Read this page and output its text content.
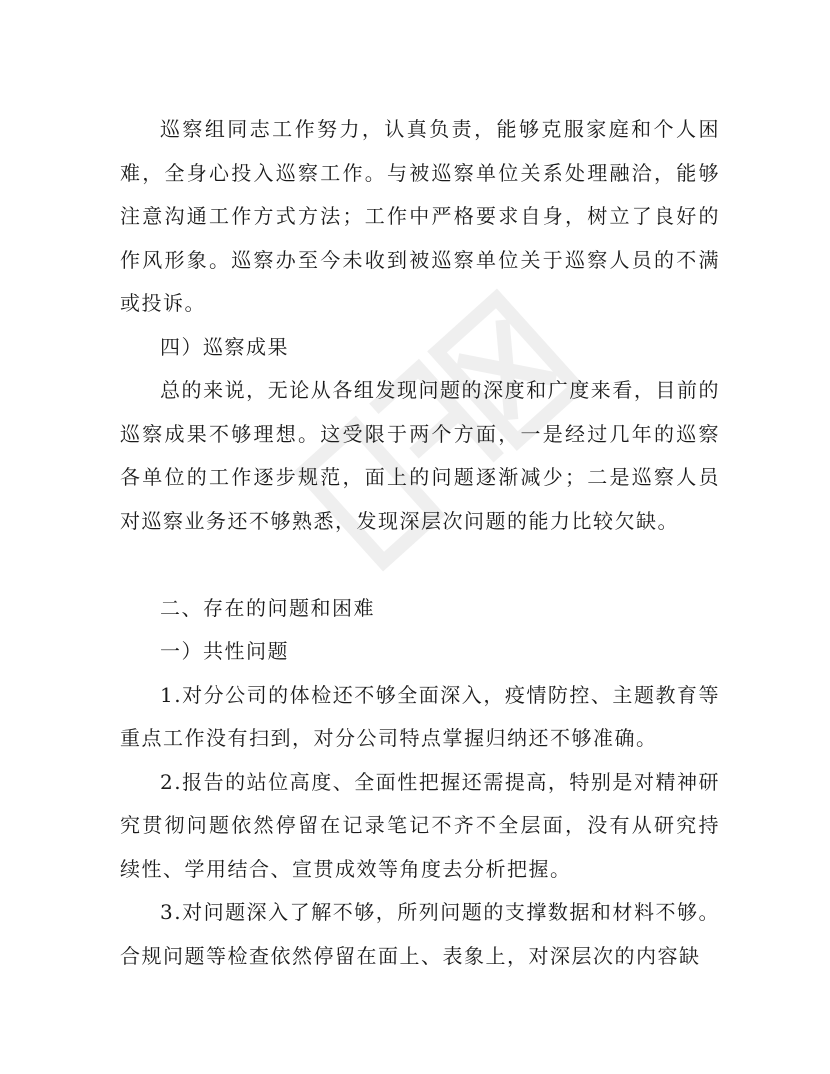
巡察组同志工作努力，认真负责，能够克服家庭和个人困难，全身心投入巡察工作。与被巡察单位关系处理融洽，能够注意沟通工作方式方法；工作中严格要求自身，树立了良好的作风形象。巡察办至今未收到被巡察单位关于巡察人员的不满或投诉。

四）巡察成果

总的来说，无论从各组发现问题的深度和广度来看，目前的巡察成果不够理想。这受限于两个方面，一是经过几年的巡察各单位的工作逐步规范，面上的问题逐渐减少；二是巡察人员对巡察业务还不够熟悉，发现深层次问题的能力比较欠缺。

二、存在的问题和困难

一）共性问题

1.对分公司的体检还不够全面深入，疫情防控、主题教育等重点工作没有扫到，对分公司特点掌握归纳还不够准确。

2.报告的站位高度、全面性把握还需提高，特别是对精神研究贯彻问题依然停留在记录笔记不齐不全层面，没有从研究持续性、学用结合、宣贯成效等角度去分析把握。

3.对问题深入了解不够，所列问题的支撑数据和材料不够。合规问题等检查依然停留在面上、表象上，对深层次的内容缺
